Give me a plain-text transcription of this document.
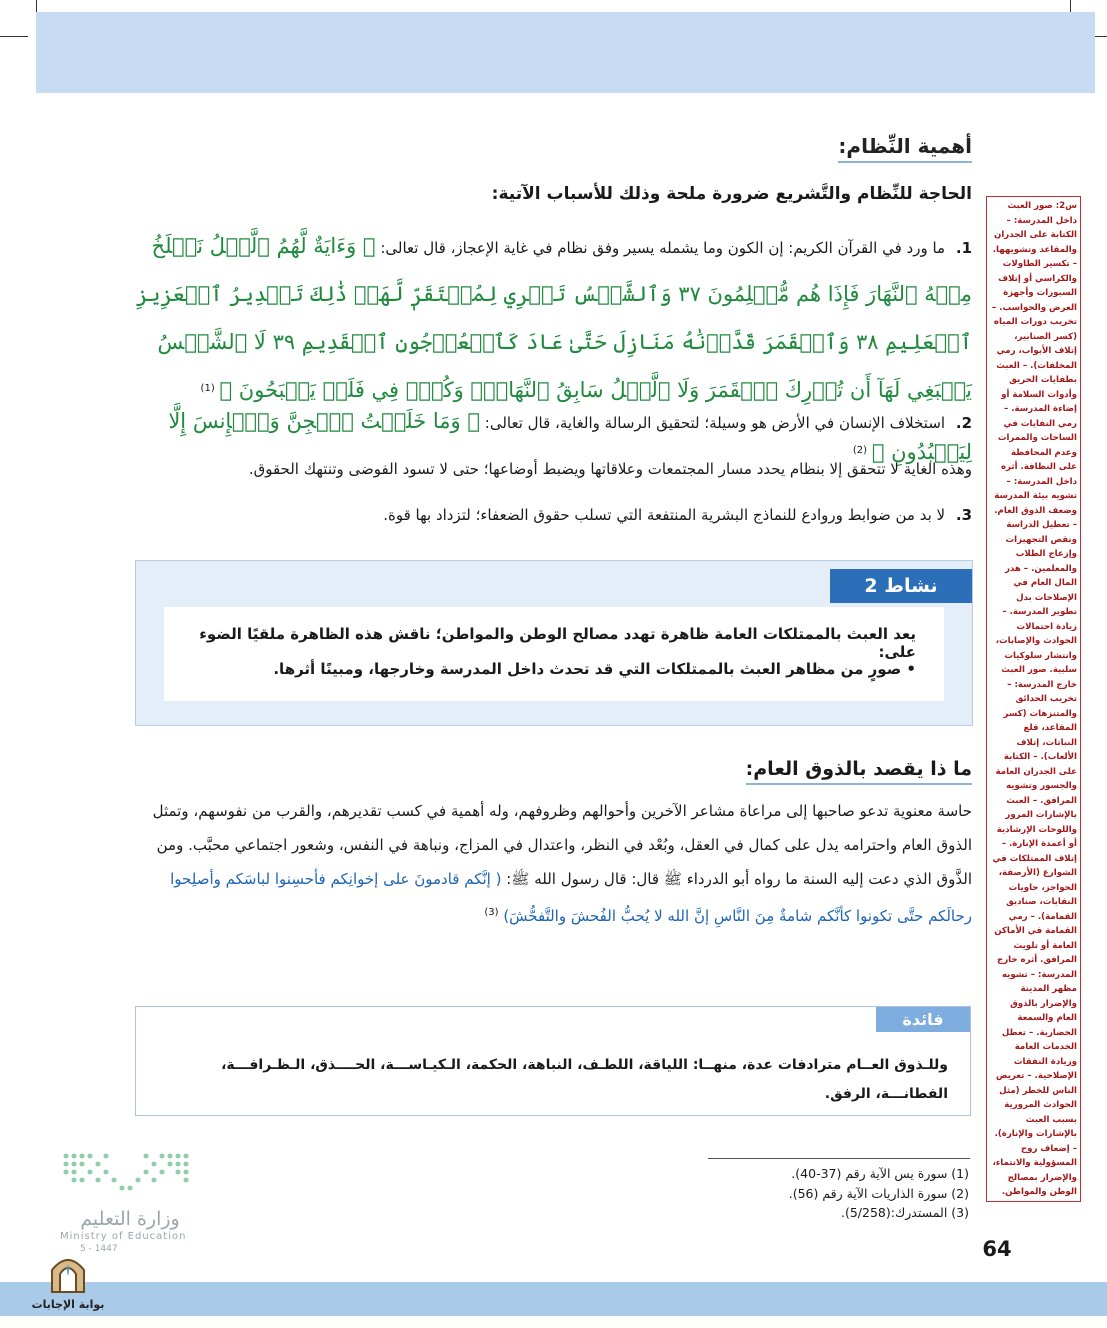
أهمية النِّظام:
الحاجة للنِّظام والتَّشريع ضرورة ملحة وذلك للأسباب الآتية:
1. ما ورد في القرآن الكريم: إن الكون وما يشمله يسير وفق نظام في غاية الإعجاز، قال تعالى: ﴿ وَءَايَةٌ لَّهُمُ ٱلَّيۡلُ نَسۡلَخُ مِنۡهُ ٱلنَّهَارَ فَإِذَا هُم مُّظۡلِمُونَ ٣٧ وَٱلشَّمۡسُ تَجۡرِي لِمُسۡتَقَرّٖ لَّهَاۚ ذَٰلِكَ تَقۡدِيرُ ٱلۡعَزِيزِ ٱلۡعَلِيمِ ٣٨ وَٱلۡقَمَرَ قَدَّرۡنَٰهُ مَنَازِلَ حَتَّىٰ عَادَ كَٱلۡعُرۡجُونِ ٱلۡقَدِيمِ ٣٩ لَا ٱلشَّمۡسُ يَنۢبَغِي لَهَآ أَن تُدۡرِكَ ٱلۡقَمَرَ وَلَا ٱلَّيۡلُ سَابِقُ ٱلنَّهَارِۚ وَكُلّٞ فِي فَلَكٖ يَسۡبَحُونَ ﴾ $^{(1)}$
2. استخلاف الإنسان في الأرض هو وسيلة؛ لتحقيق الرسالة والغاية، قال تعالى: ﴿ وَمَا خَلَقۡتُ ٱلۡجِنَّ وَٱلۡإِنسَ إِلَّا لِيَعۡبُدُونِ ﴾ $^{(2)}$
وهذه الغاية لا تتحقق إلا بنظام يحدد مسار المجتمعات وعلاقاتها ويضبط أوضاعها؛ حتى لا تسود الفوضى وتنتهك الحقوق.
3. لا بد من ضوابط وروادع للنماذج البشرية المنتفعة التي تسلب حقوق الضعفاء؛ لتزداد بها قوة.
نشاط 2
يعد العبث بالممتلكات العامة ظاهرة تهدد مصالح الوطن والمواطن؛ ناقش هذه الظاهرة ملقيًا الضوء على:
• صورٍ من مظاهر العبث بالممتلكات التي قد تحدث داخل المدرسة وخارجها، ومبينًا أثرها.
ما ذا يقصد بالذوق العام:
حاسة معنوية تدعو صاحبها إلى مراعاة مشاعر الآخرين وأحوالهم وظروفهم، وله أهمية في كسب تقديرهم، والقرب من نفوسهم، وتمثل الذوق العام واحترامه يدل على كمال في العقل، وبُعْد في النظر، واعتدال في المزاج، ونباهة في النفس، وشعور اجتماعي محبَّب. ومن الذَّوق الذي دعت إليه السنة ما رواه أبو الدرداء ﷺ قال: قال رسول الله ﷺ: ( إنَّكم قادمونَ على إخوانِكم فأحسِنوا لباسَكم وأصلِحوا رحالَكم حتَّى تكونوا كأنَّكم شامةٌ مِنَ النَّاسِ إنَّ الله لا يُحبُّ الفُحشَ والتَّفحُّشَ) $^{(3)}$
فائدة
وللـذوق العــام مترادفات عدة، منهــا: اللياقة، اللطـف، النباهة، الحكمة، الـكيـاســـة، الحــــذق، الـظـرافـــة، الفطانـــة، الرفق.
(1) سورة يس الآية رقم (37-40).
(2) سورة الذاريات الآية رقم (56).
(3) المستدرك:(5/258).
س2: صور العبث داخل المدرسة: – الكتابة على الجدران والمقاعد وتشويهها. – تكسير الطاولات والكراسي أو إتلاف السبورات وأجهزة العرض والحواسب. – تخريب دورات المياه (كسر الصنابير، إتلاف الأبواب، رمي المخلفات). – العبث بطفايات الحريق وأدوات السلامة أو إضاءة المدرسة. – رمي النفايات في الساحات والممرات وعدم المحافظة على النظافة. أثره داخل المدرسة: – تشويه بيئة المدرسة وضعف الذوق العام. – تعطيل الدراسة ونقص التجهيزات وإزعاج الطلاب والمعلمين. – هدر المال العام في الإصلاحات بدل تطوير المدرسة. – زيادة احتمالات الحوادث والإصابات، وانتشار سلوكيات سلبية. صور العبث خارج المدرسة: – تخريب الحدائق والمتنزهات (كسر المقاعد، قلع النباتات، إتلاف الألعاب). – الكتابة على الجدران العامة والجسور وتشويه المرافق. – العبث بالإشارات المرور واللوحات الإرشادية أو أعمدة الإنارة. – إتلاف الممتلكات في الشوارع (الأرصفة، الحواجز، حاويات النفايات، صناديق القمامة). – رمي القمامة في الأماكن العامة أو تلويث المرافق. أثره خارج المدرسة: – تشويه مظهر المدينة والإضرار بالذوق العام والسمعة الحضارية. – تعطل الخدمات العامة وزيادة النفقات الإصلاحية. – تعريض الناس للخطر (مثل الحوادث المرورية بسبب العبث بالإشارات والإنارة). – إضعاف روح المسؤولية والانتماء، والإضرار بمصالح الوطن والمواطن.
وزارة التعليم
Ministry of Education
5 - 1447	64
بوابة الإجابات
